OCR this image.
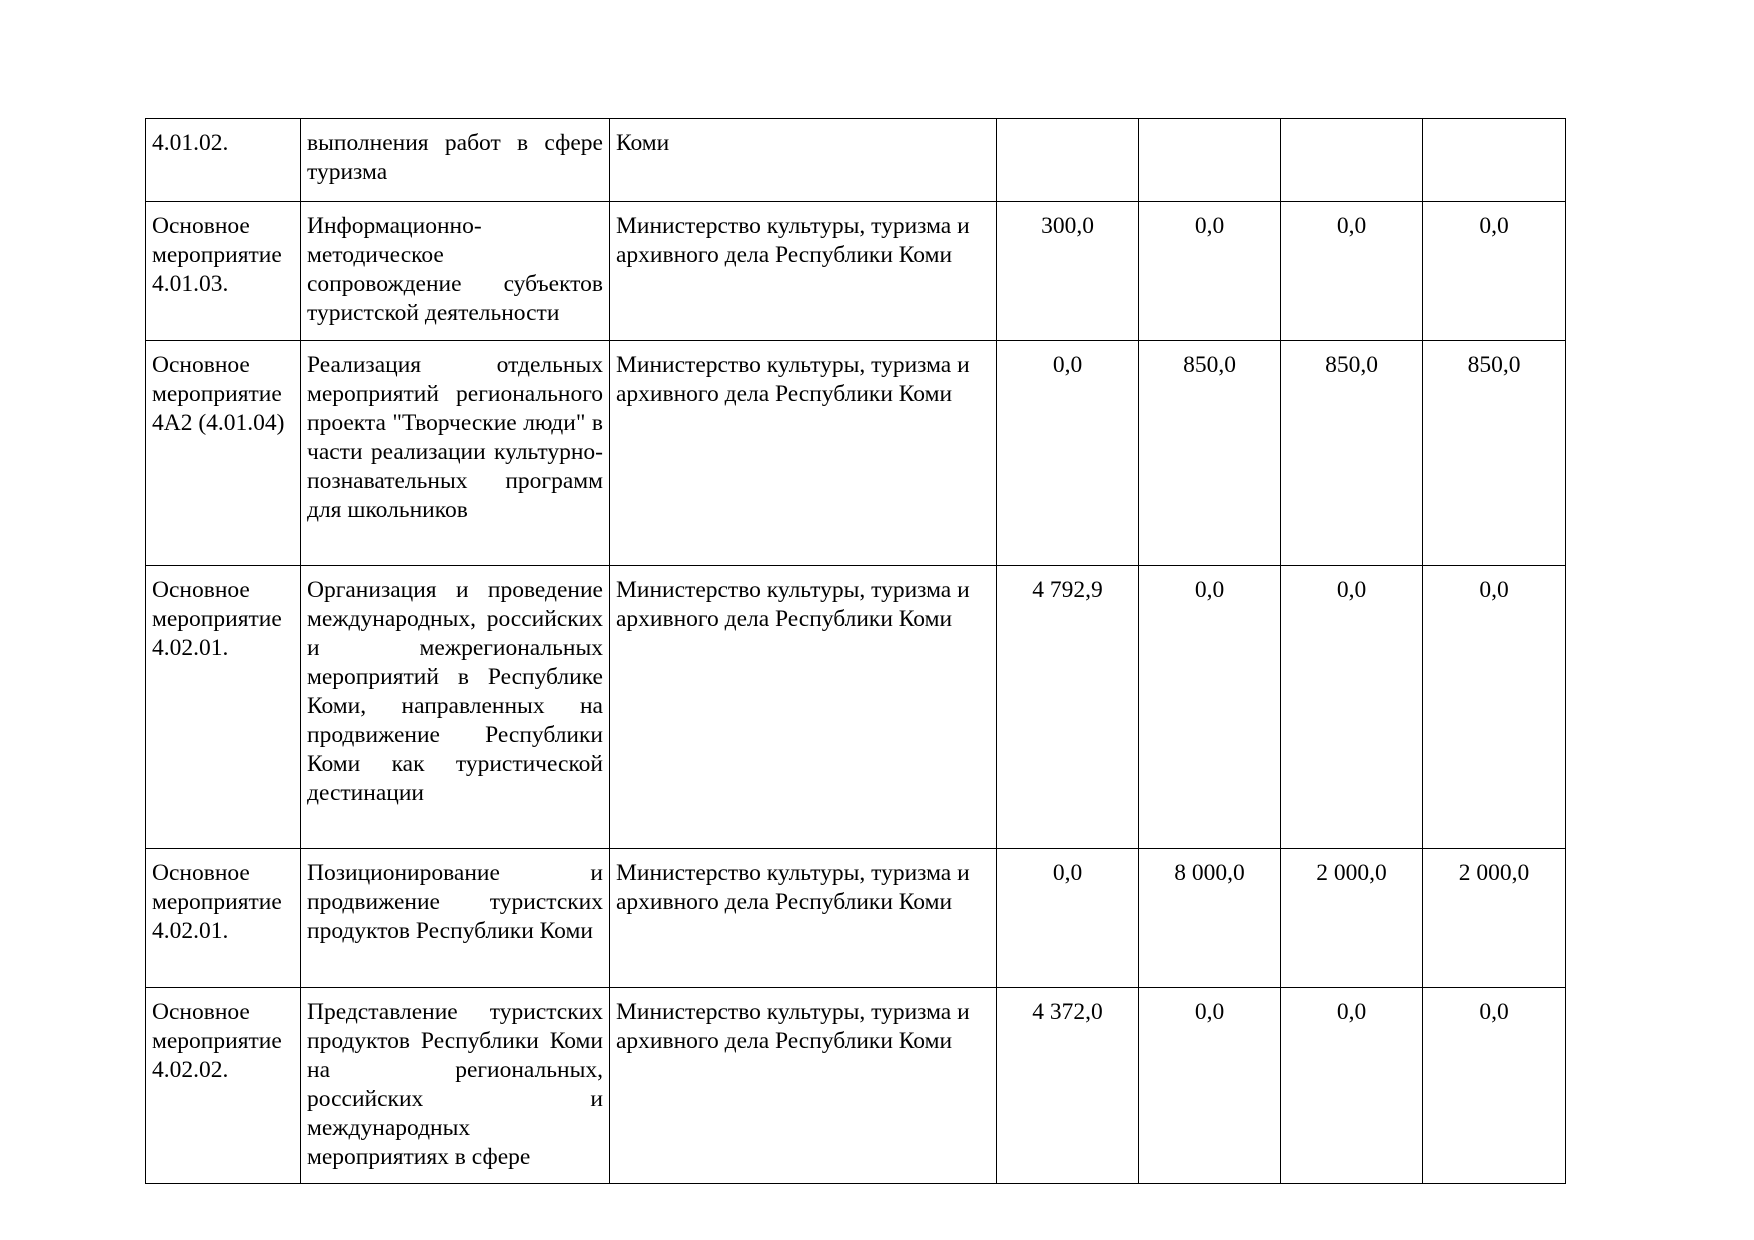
4.01.02.	выполнения работ в сфере туризма	Коми				

Основное мероприятие 4.01.03.	Информационно-методическое сопровождение субъектов туристской деятельности	Министерство культуры, туризма и архивного дела Республики Коми	300,0	0,0	0,0	0,0

Основное мероприятие 4А2 (4.01.04)	Реализация отдельных мероприятий регионального проекта "Творческие люди" в части реализации культурно-познавательных программ для школьников	Министерство культуры, туризма и архивного дела Республики Коми	0,0	850,0	850,0	850,0

Основное мероприятие 4.02.01.	Организация и проведение международных, российских и межрегиональных мероприятий в Республике Коми, направленных на продвижение Республики Коми как туристической дестинации	Министерство культуры, туризма и архивного дела Республики Коми	4 792,9	0,0	0,0	0,0

Основное мероприятие 4.02.01.	Позиционирование и продвижение туристских продуктов Республики Коми	Министерство культуры, туризма и архивного дела Республики Коми	0,0	8 000,0	2 000,0	2 000,0

Основное мероприятие 4.02.02.	Представление туристских продуктов Республики Коми на региональных, российских и международных мероприятиях в сфере	Министерство культуры, туризма и архивного дела Республики Коми	4 372,0	0,0	0,0	0,0
